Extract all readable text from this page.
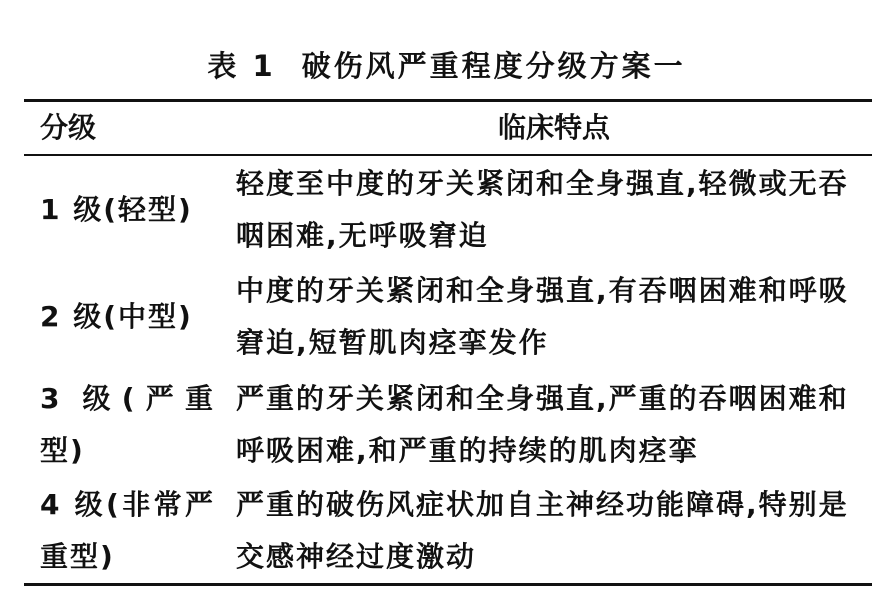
表 1 破伤风严重程度分级方案一
分级	临床特点
1 级(轻型)
轻度至中度的牙关紧闭和全身强直,轻微或无吞咽困难,无呼吸窘迫
2 级(中型)
中度的牙关紧闭和全身强直,有吞咽困难和呼吸窘迫,短暂肌肉痉挛发作
3 级(严重型)
严重的牙关紧闭和全身强直,严重的吞咽困难和呼吸困难,和严重的持续的肌肉痉挛
4 级(非常严重型)
严重的破伤风症状加自主神经功能障碍,特别是交感神经过度激动
